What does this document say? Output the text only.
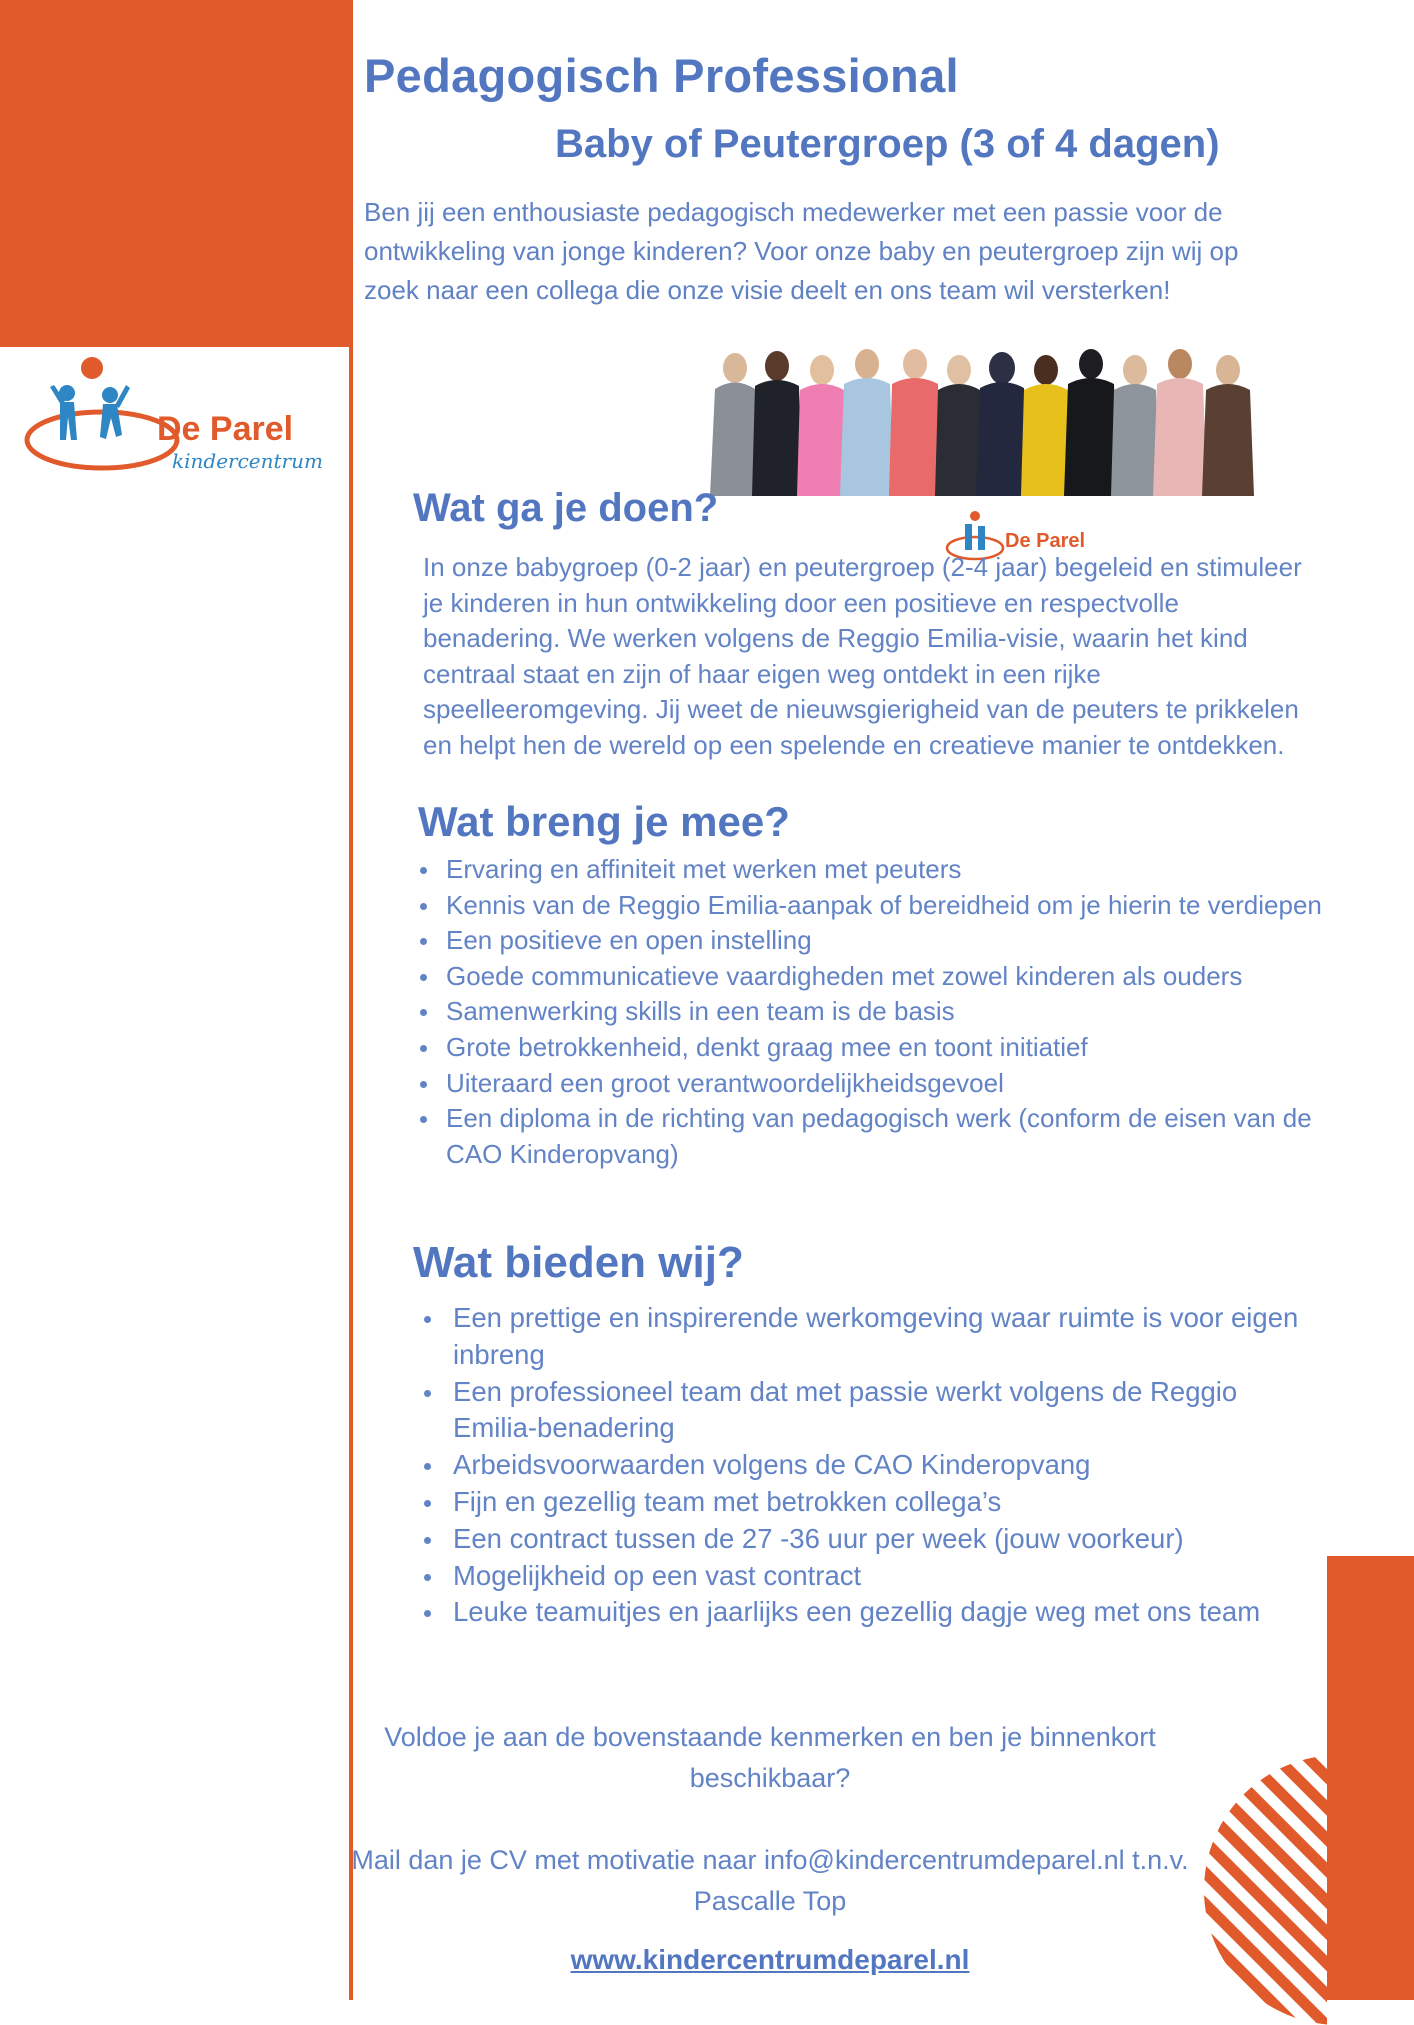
De Parel
kindercentrum
Pedagogisch Professional
Baby of Peutergroep (3 of 4 dagen)

Ben jij een enthousiaste pedagogisch medewerker met een passie voor de ontwikkeling van jonge kinderen? Voor onze baby en peutergroep zijn wij op zoek naar een collega die onze visie deelt en ons team wil versterken!

De Parel
Wat ga je doen?

In onze babygroep (0-2 jaar) en peutergroep (2-4 jaar) begeleid en stimuleer je kinderen in hun ontwikkeling door een positieve en respectvolle benadering. We werken volgens de Reggio Emilia-visie, waarin het kind centraal staat en zijn of haar eigen weg ontdekt in een rijke speelleeromgeving. Jij weet de nieuwsgierigheid van de peuters te prikkelen en helpt hen de wereld op een spelende en creatieve manier te ontdekken.

Wat breng je mee?
Ervaring en affiniteit met werken met peuters
Kennis van de Reggio Emilia-aanpak of bereidheid om je hierin te verdiepen
Een positieve en open instelling
Goede communicatieve vaardigheden met zowel kinderen als ouders
Samenwerking skills in een team is de basis
Grote betrokkenheid, denkt graag mee en toont initiatief
Uiteraard een groot verantwoordelijkheidsgevoel
Een diploma in de richting van pedagogisch werk (conform de eisen van de CAO Kinderopvang)
Wat bieden wij?
Een prettige en inspirerende werkomgeving waar ruimte is voor eigen inbreng
Een professioneel team dat met passie werkt volgens de Reggio Emilia-benadering
Arbeidsvoorwaarden volgens de CAO Kinderopvang
Fijn en gezellig team met betrokken collega’s
Een contract tussen de 27 -36 uur per week (jouw voorkeur)
Mogelijkheid op een vast contract
Leuke teamuitjes en jaarlijks een gezellig dagje weg met ons team

Voldoe je aan de bovenstaande kenmerken en ben je binnenkort beschikbaar?

Mail dan je CV met motivatie naar info@kindercentrumdeparel.nl t.n.v. Pascalle Top

www.kindercentrumdeparel.nl
